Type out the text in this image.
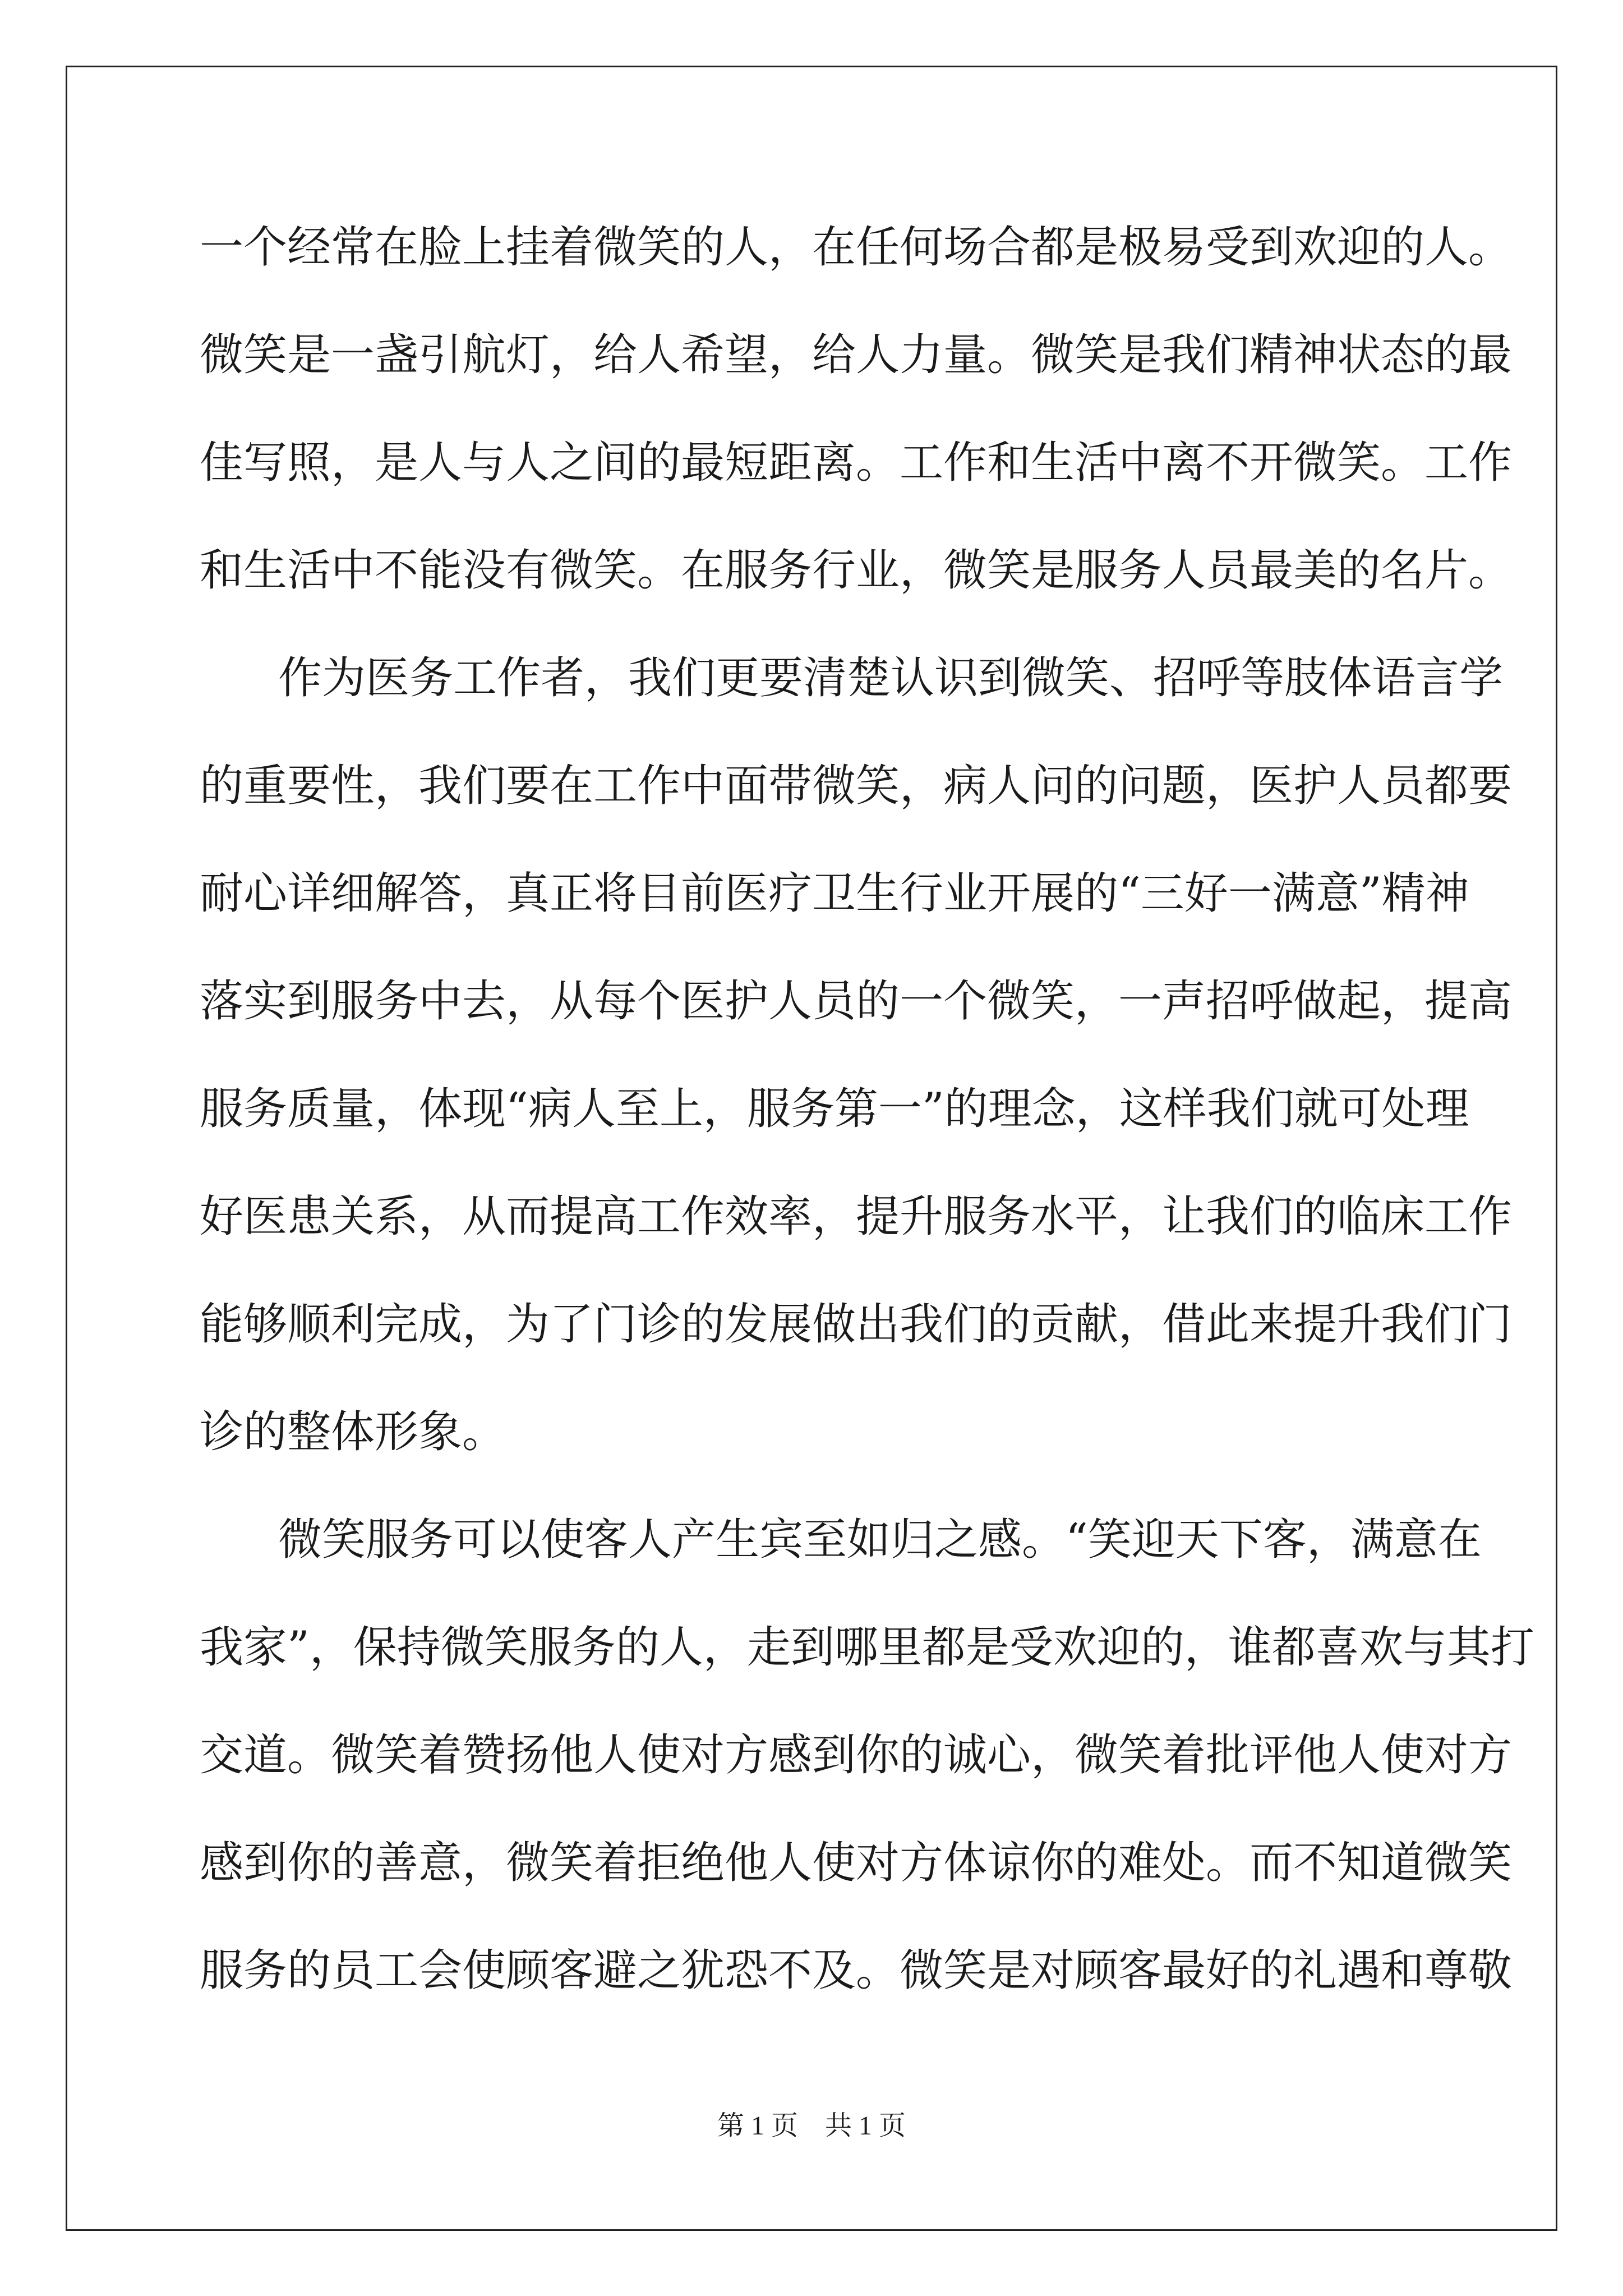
一个经常在脸上挂着微笑的人，在任何场合都是极易受到欢迎的人。
微笑是一盏引航灯，给人希望，给人力量。微笑是我们精神状态的最
佳写照，是人与人之间的最短距离。工作和生活中离不开微笑。工作
和生活中不能没有微笑。在服务行业，微笑是服务人员最美的名片。
作为医务工作者，我们更要清楚认识到微笑、招呼等肢体语言学
的重要性，我们要在工作中面带微笑，病人问的问题，医护人员都要
耐心详细解答，真正将目前医疗卫生行业开展的“三好一满意”精神
落实到服务中去，从每个医护人员的一个微笑，一声招呼做起，提高
服务质量，体现“病人至上，服务第一”的理念，这样我们就可处理
好医患关系，从而提高工作效率，提升服务水平，让我们的临床工作
能够顺利完成，为了门诊的发展做出我们的贡献，借此来提升我们门
诊的整体形象。
微笑服务可以使客人产生宾至如归之感。“笑迎天下客，满意在
我家”，保持微笑服务的人，走到哪里都是受欢迎的，谁都喜欢与其打
交道。微笑着赞扬他人使对方感到你的诚心，微笑着批评他人使对方
感到你的善意，微笑着拒绝他人使对方体谅你的难处。而不知道微笑
服务的员工会使顾客避之犹恐不及。微笑是对顾客最好的礼遇和尊敬
第 1 页    共 1 页
